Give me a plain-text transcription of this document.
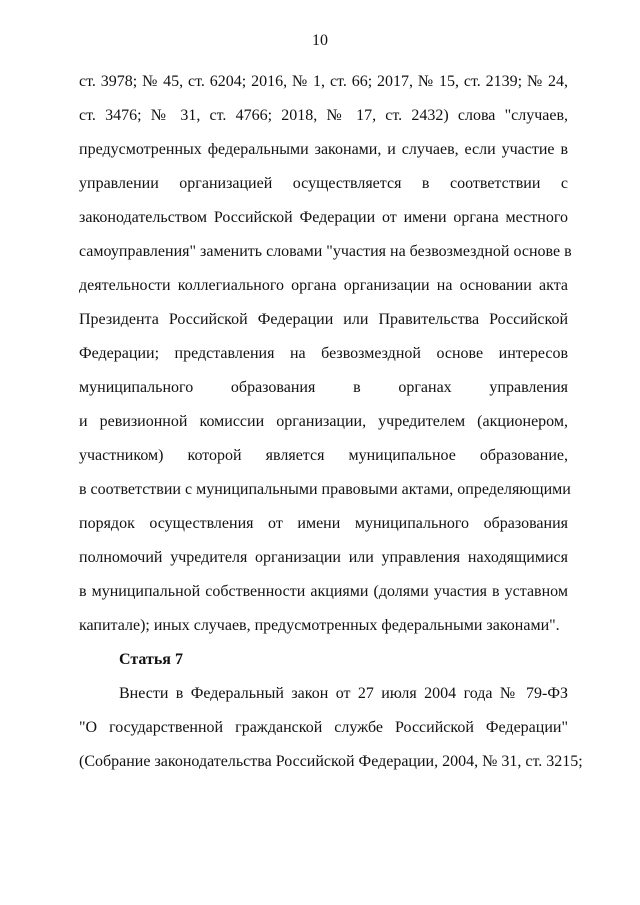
10
ст. 3978; № 45, ст. 6204; 2016, № 1, ст. 66; 2017, № 15, ст. 2139; № 24,
ст. 3476; № 31, ст. 4766; 2018, № 17, ст. 2432) слова "случаев,
предусмотренных федеральными законами, и случаев, если участие в
управлении организацией осуществляется в соответствии с
законодательством Российской Федерации от имени органа местного
самоуправления" заменить словами "участия на безвозмездной основе в
деятельности коллегиального органа организации на основании акта
Президента Российской Федерации или Правительства Российской
Федерации; представления на безвозмездной основе интересов
муниципального образования в органах управления
и ревизионной комиссии организации, учредителем (акционером,
участником) которой является муниципальное образование,
в соответствии с муниципальными правовыми актами, определяющими
порядок осуществления от имени муниципального образования
полномочий учредителя организации или управления находящимися
в муниципальной собственности акциями (долями участия в уставном
капитале); иных случаев, предусмотренных федеральными законами".
Статья 7
Внести в Федеральный закон от 27 июля 2004 года № 79-ФЗ
"О государственной гражданской службе Российской Федерации"
(Собрание законодательства Российской Федерации, 2004, № 31, ст. 3215;
